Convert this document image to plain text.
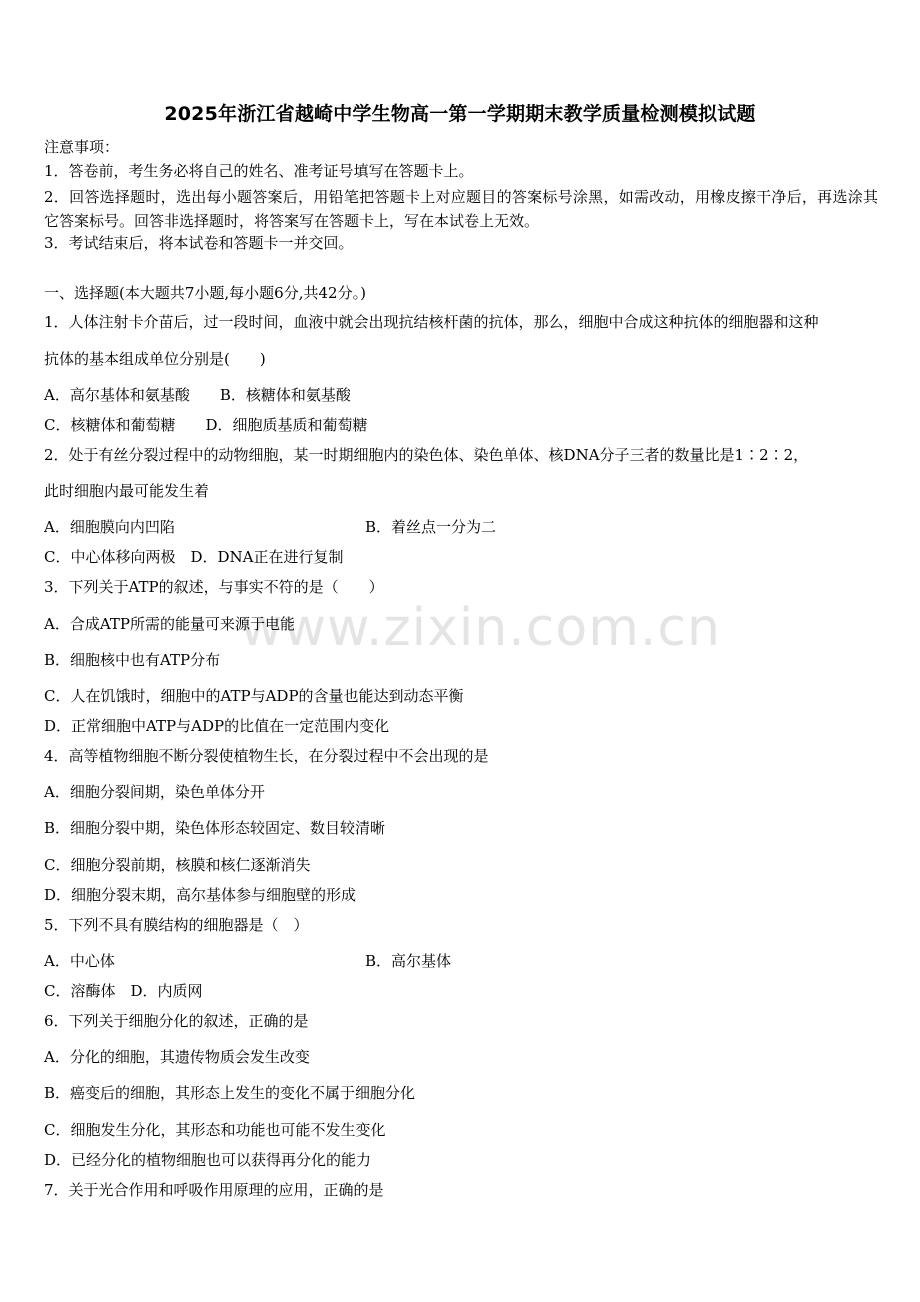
www.zixin.com.cn
2025年浙江省越崎中学生物高一第一学期期末教学质量检测模拟试题
注意事项：
1．答卷前，考生务必将自己的姓名、准考证号填写在答题卡上。
2．回答选择题时，选出每小题答案后，用铅笔把答题卡上对应题目的答案标号涂黑，如需改动，用橡皮擦干净后，再选涂其它答案标号。回答非选择题时，将答案写在答题卡上，写在本试卷上无效。
3．考试结束后，将本试卷和答题卡一并交回。
一、选择题(本大题共7小题,每小题6分,共42分。)
1．人体注射卡介苗后，过一段时间，血液中就会出现抗结核杆菌的抗体，那么，细胞中合成这种抗体的细胞器和这种
抗体的基本组成单位分别是(　　)
A．高尔基体和氨基酸　　B．核糖体和氨基酸
C．核糖体和葡萄糖　　D．细胞质基质和葡萄糖
2．处于有丝分裂过程中的动物细胞，某一时期细胞内的染色体、染色单体、核DNA分子三者的数量比是1∶2∶2，
此时细胞内最可能发生着
A．细胞膜向内凹陷	B．着丝点一分为二
C．中心体移向两极　D．DNA正在进行复制
3．下列关于ATP的叙述，与事实不符的是（　　）
A．合成ATP所需的能量可来源于电能
B．细胞核中也有ATP分布
C．人在饥饿时，细胞中的ATP与ADP的含量也能达到动态平衡
D．正常细胞中ATP与ADP的比值在一定范围内变化
4．高等植物细胞不断分裂使植物生长，在分裂过程中不会出现的是
A．细胞分裂间期，染色单体分开
B．细胞分裂中期，染色体形态较固定、数目较清晰
C．细胞分裂前期，核膜和核仁逐渐消失
D．细胞分裂末期，高尔基体参与细胞壁的形成
5．下列不具有膜结构的细胞器是（　）
A．中心体	B．高尔基体
C．溶酶体　D．内质网
6．下列关于细胞分化的叙述，正确的是
A．分化的细胞，其遗传物质会发生改变
B．癌变后的细胞，其形态上发生的变化不属于细胞分化
C．细胞发生分化，其形态和功能也可能不发生变化
D．已经分化的植物细胞也可以获得再分化的能力
7．关于光合作用和呼吸作用原理的应用，正确的是
